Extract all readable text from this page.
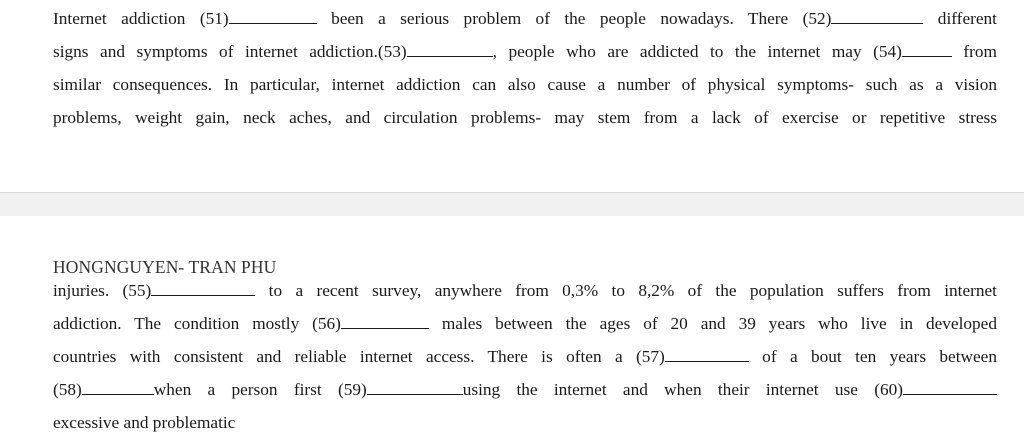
Internet addiction (51)	been a serious problem of the people nowadays. There (52)	different
signs and symptoms of internet addiction.(53)	, people who are addicted to the internet may (54)	from
similar consequences. In particular, internet addiction can also cause a number of physical symptoms- such as a vision
problems, weight gain, neck aches, and circulation problems- may stem from a lack of exercise or repetitive stress
HONGNGUYEN- TRAN PHU
injuries. (55)	to a recent survey, anywhere from 0,3% to 8,2% of the population suffers from internet
addiction. The condition mostly (56)	males between the ages of 20 and 39 years who live in developed
countries with consistent and reliable internet access. There is often a (57)	of a bout ten years between
(58)	when a person first (59)	using the internet and when their internet use (60)
excessive and problematic
